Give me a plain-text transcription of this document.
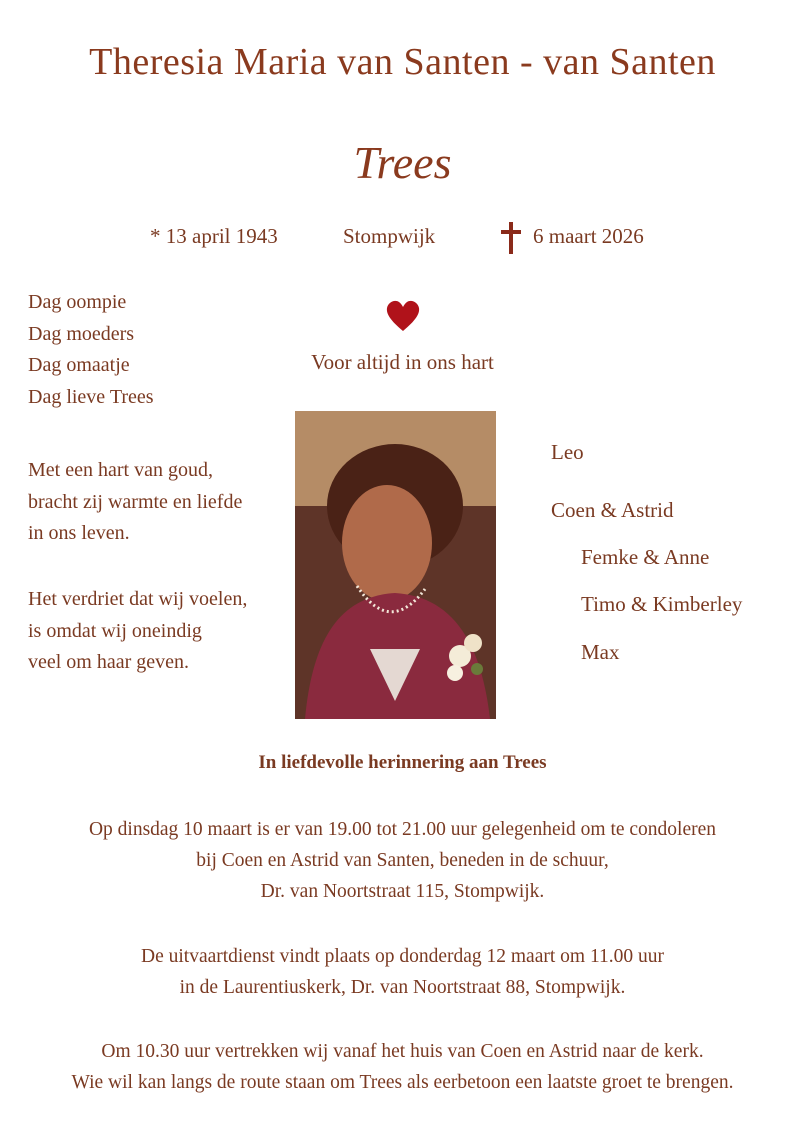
Theresia Maria van Santen - van Santen
Trees
* 13 april 1943	Stompwijk	6 maart 2026
Dag oompie
Dag moeders
Dag omaatje
Dag lieve Trees
Voor altijd in ons hart
Met een hart van goud,
bracht zij warmte en liefde
in ons leven.
Het verdriet dat wij voelen,
is omdat wij oneindig
veel om haar geven.
Leo
Coen & Astrid
Femke & Anne
Timo & Kimberley
Max
In liefdevolle herinnering aan Trees
Op dinsdag 10 maart is er van 19.00 tot 21.00 uur gelegenheid om te condoleren
bij Coen en Astrid van Santen, beneden in de schuur,
Dr. van Noortstraat 115, Stompwijk.
De uitvaartdienst vindt plaats op donderdag 12 maart om 11.00 uur
in de Laurentiuskerk, Dr. van Noortstraat 88, Stompwijk.
Om 10.30 uur vertrekken wij vanaf het huis van Coen en Astrid naar de kerk.
Wie wil kan langs de route staan om Trees als eerbetoon een laatste groet te brengen.
